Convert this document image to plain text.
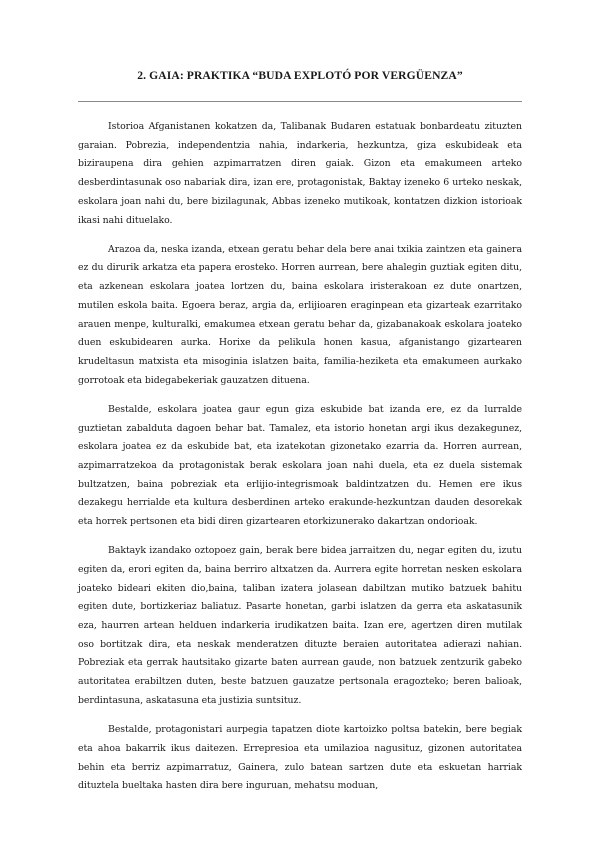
2. GAIA: PRAKTIKA “BUDA EXPLOTÓ POR VERGÜENZA”

Istorioa Afganistanen kokatzen da, Talibanak Budaren estatuak bonbardeatu zituzten garaian. Pobrezia, independentzia nahia, indarkeria, hezkuntza, giza eskubideak eta biziraupena dira gehien azpimarratzen diren gaiak. Gizon eta emakumeen arteko desberdintasunak oso nabariak dira, izan ere, protagonistak, Baktay izeneko 6 urteko neskak, eskolara joan nahi du, bere bizilagunak, Abbas izeneko mutikoak, kontatzen dizkion istorioak ikasi nahi dituelako.

Arazoa da, neska izanda, etxean geratu behar dela bere anai txikia zaintzen eta gainera ez du dirurik arkatza eta papera erosteko. Horren aurrean, bere ahalegin guztiak egiten ditu, eta azkenean eskolara joatea lortzen du, baina eskolara iristerakoan ez dute onartzen, mutilen eskola baita. Egoera beraz, argia da, erlijioaren eraginpean eta gizarteak ezarritako arauen menpe, kulturalki, emakumea etxean geratu behar da, gizabanakoak eskolara joateko duen eskubidearen aurka. Horixe da pelikula honen kasua, afganistango gizartearen krudeltasun matxista eta misoginia islatzen baita, familia-heziketa eta emakumeen aurkako gorrotoak eta bidegabekeriak gauzatzen dituena.

Bestalde, eskolara joatea gaur egun giza eskubide bat izanda ere, ez da lurralde guztietan zabalduta dagoen behar bat. Tamalez, eta istorio honetan argi ikus dezakegunez, eskolara joatea ez da eskubide bat, eta izatekotan gizonetako ezarria da. Horren aurrean, azpimarratzekoa da protagonistak berak eskolara joan nahi duela, eta ez duela sistemak bultzatzen, baina pobreziak eta erlijio-integrismoak baldintzatzen du. Hemen ere ikus dezakegu herrialde eta kultura desberdinen arteko erakunde-hezkuntzan dauden desorekak eta horrek pertsonen eta bidi diren gizartearen etorkizunerako dakartzan ondorioak.

Baktayk izandako oztopoez gain, berak bere bidea jarraitzen du, negar egiten du, izutu egiten da, erori egiten da, baina berriro altxatzen da. Aurrera egite horretan nesken eskolara joateko bideari ekiten dio,baina, taliban izatera jolasean dabiltzan mutiko batzuek bahitu egiten dute, bortizkeriaz baliatuz. Pasarte honetan, garbi islatzen da gerra eta askatasunik eza, haurren artean helduen indarkeria irudikatzen baita. Izan ere, agertzen diren mutilak oso bortitzak dira, eta neskak menderatzen dituzte beraien autoritatea adierazi nahian. Pobreziak eta gerrak hautsitako gizarte baten aurrean gaude, non batzuek zentzurik gabeko autoritatea erabiltzen duten, beste batzuen gauzatze pertsonala eragozteko; beren balioak, berdintasuna, askatasuna eta justizia suntsituz.

Bestalde, protagonistari aurpegia tapatzen diote kartoizko poltsa batekin, bere begiak eta ahoa bakarrik ikus daitezen. Errepresioa eta umilazioa nagusituz, gizonen autoritatea behin eta berriz azpimarratuz, Gainera, zulo batean sartzen dute eta eskuetan harriak dituztela bueltaka hasten dira bere inguruan, mehatsu moduan,
